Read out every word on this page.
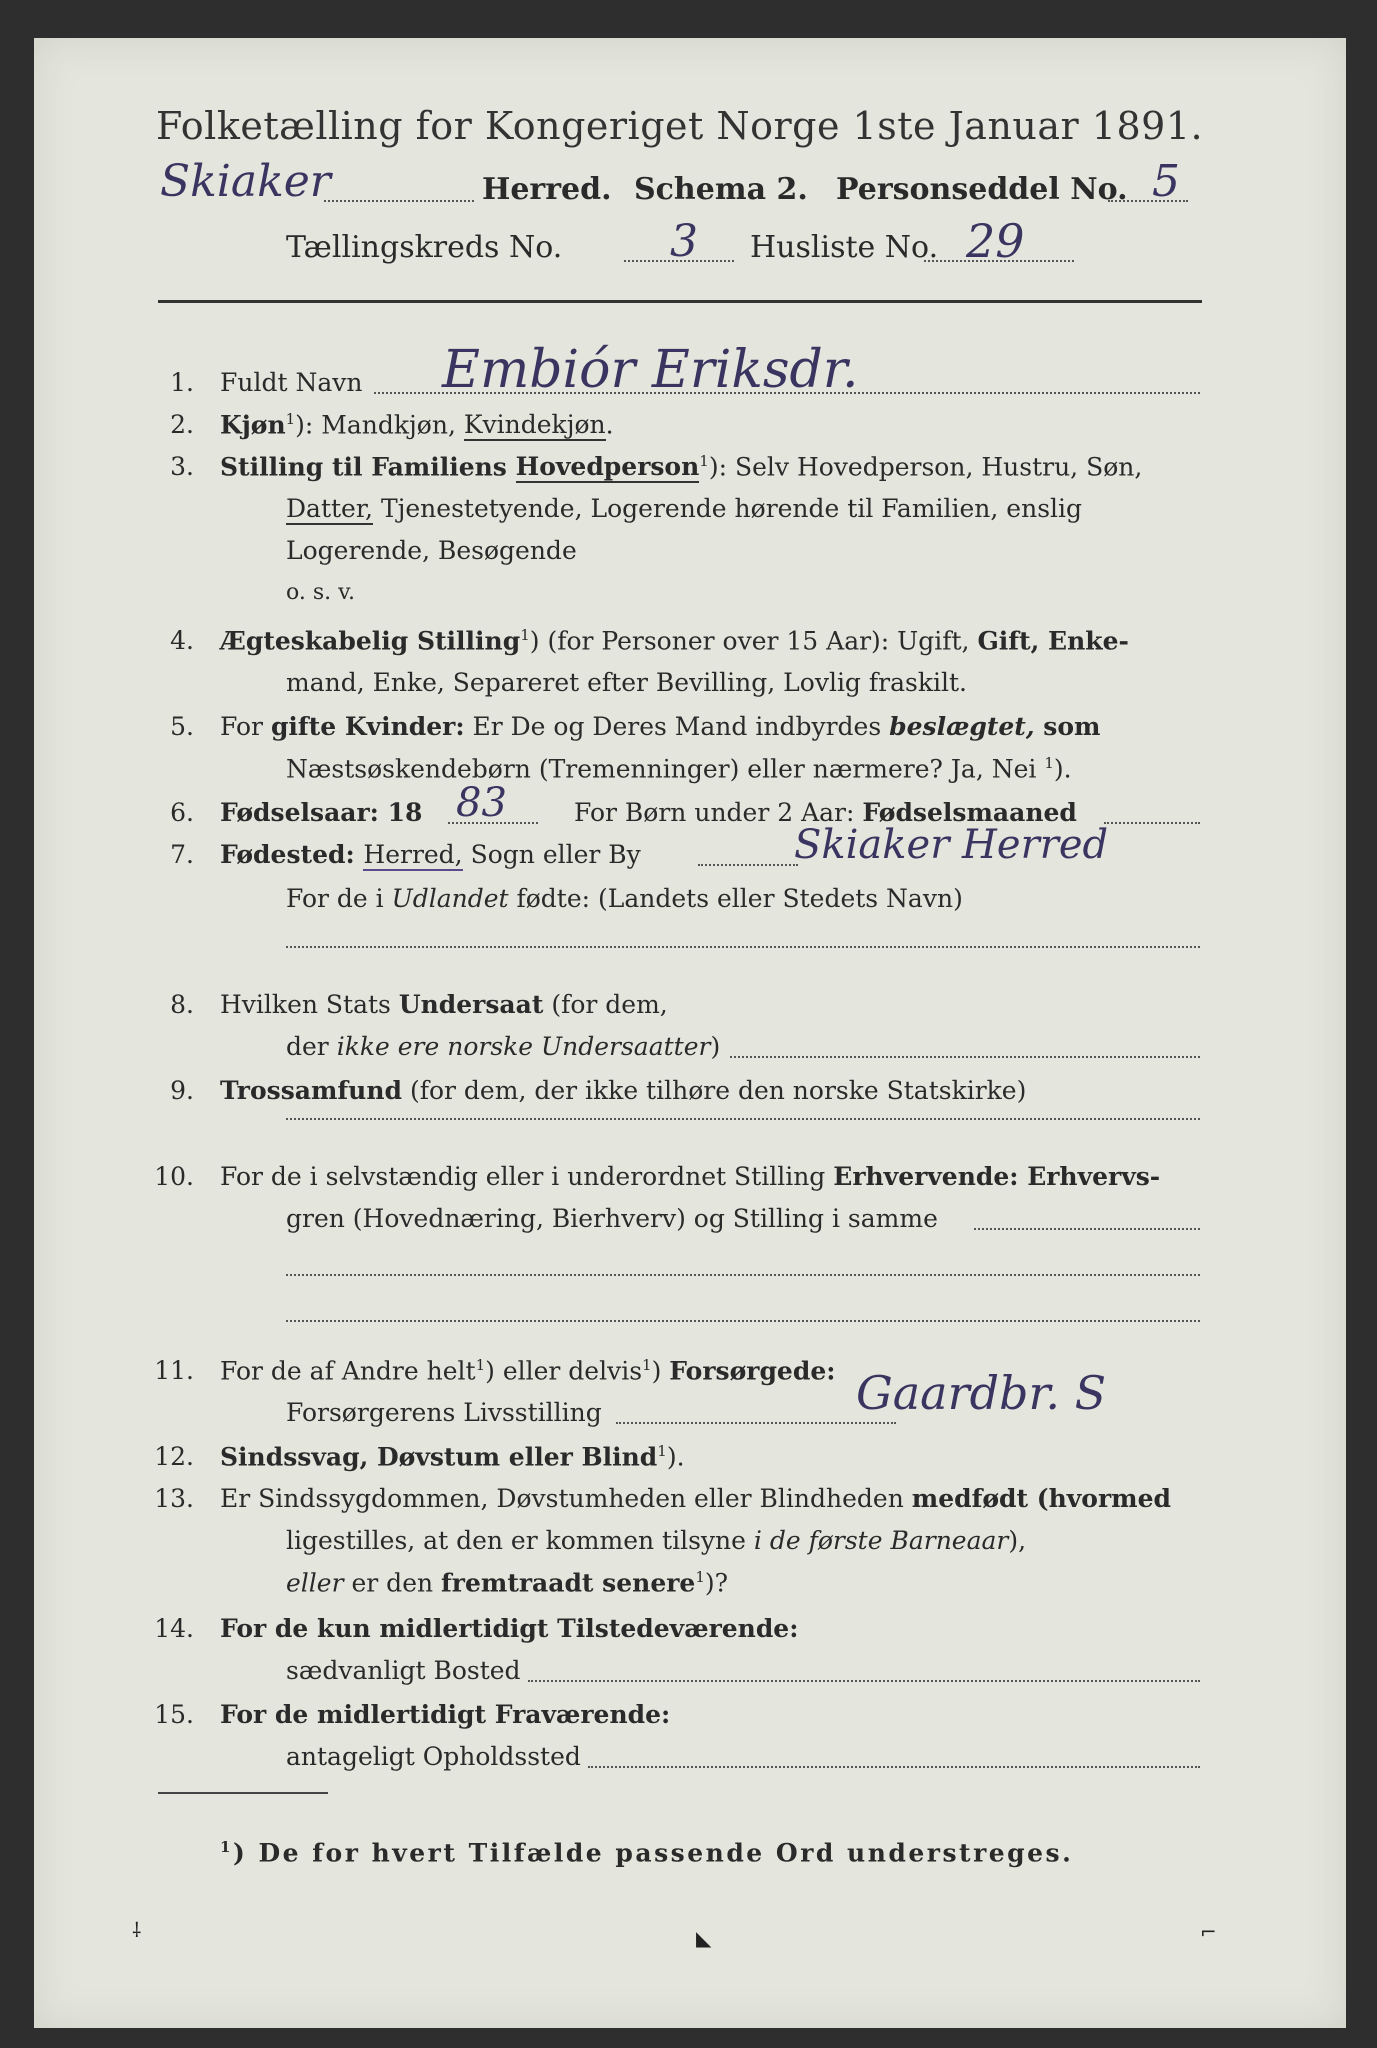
Folketælling for Kongeriget Norge 1ste Januar 1891.
Skiaker	Herred. Schema 2. Personseddel No. 5
Tællingskreds No. 3 Husliste No. 29
1. Fuldt Navn Embiór Eriksdr.
2. Kjøn$^1$): Mandkjøn, Kvindekjøn.
3. Stilling til Familiens Hovedperson$^1$): Selv Hovedperson, Hustru, Søn,
Datter, Tjenestetyende, Logerende hørende til Familien, enslig
Logerende, Besøgende
o. s. v.
4. Ægteskabelig Stilling$^1$) (for Personer over 15 Aar): Ugift, Gift, Enke-
mand, Enke, Separeret efter Bevilling, Lovlig fraskilt.
5. For gifte Kvinder: Er De og Deres Mand indbyrdes beslægtet, som
Næstsøskendebørn (Tremenninger) eller nærmere? Ja, Nei $^1$).
6. Fødselsaar: 18 83	For Børn under 2 Aar: Fødselsmaaned
7. Fødested: Herred, Sogn eller By	Skiaker Herred
For de i Udlandet fødte: (Landets eller Stedets Navn)
8. Hvilken Stats Undersaat (for dem,
der ikke ere norske Undersaatter)
9. Trossamfund (for dem, der ikke tilhøre den norske Statskirke)
10. For de i selvstændig eller i underordnet Stilling Erhvervende: Erhvervs-
gren (Hovednæring, Bierhverv) og Stilling i samme
11. For de af Andre helt$^1$) eller delvis$^1$) Forsørgede:
Forsørgerens Livsstilling	Gaardbr. S
12. Sindssvag, Døvstum eller Blind$^1$).
13. Er Sindssygdommen, Døvstumheden eller Blindheden medfødt (hvormed
ligestilles, at den er kommen tilsyne i de første Barneaar),
eller er den fremtraadt senere$^1$)?
14. For de kun midlertidigt Tilstedeværende:
sædvanligt Bosted
15. For de midlertidigt Fraværende:
antageligt Opholdssted
$^1$) De for hvert Tilfælde passende Ord understreges.
⸸	◣	⌐
